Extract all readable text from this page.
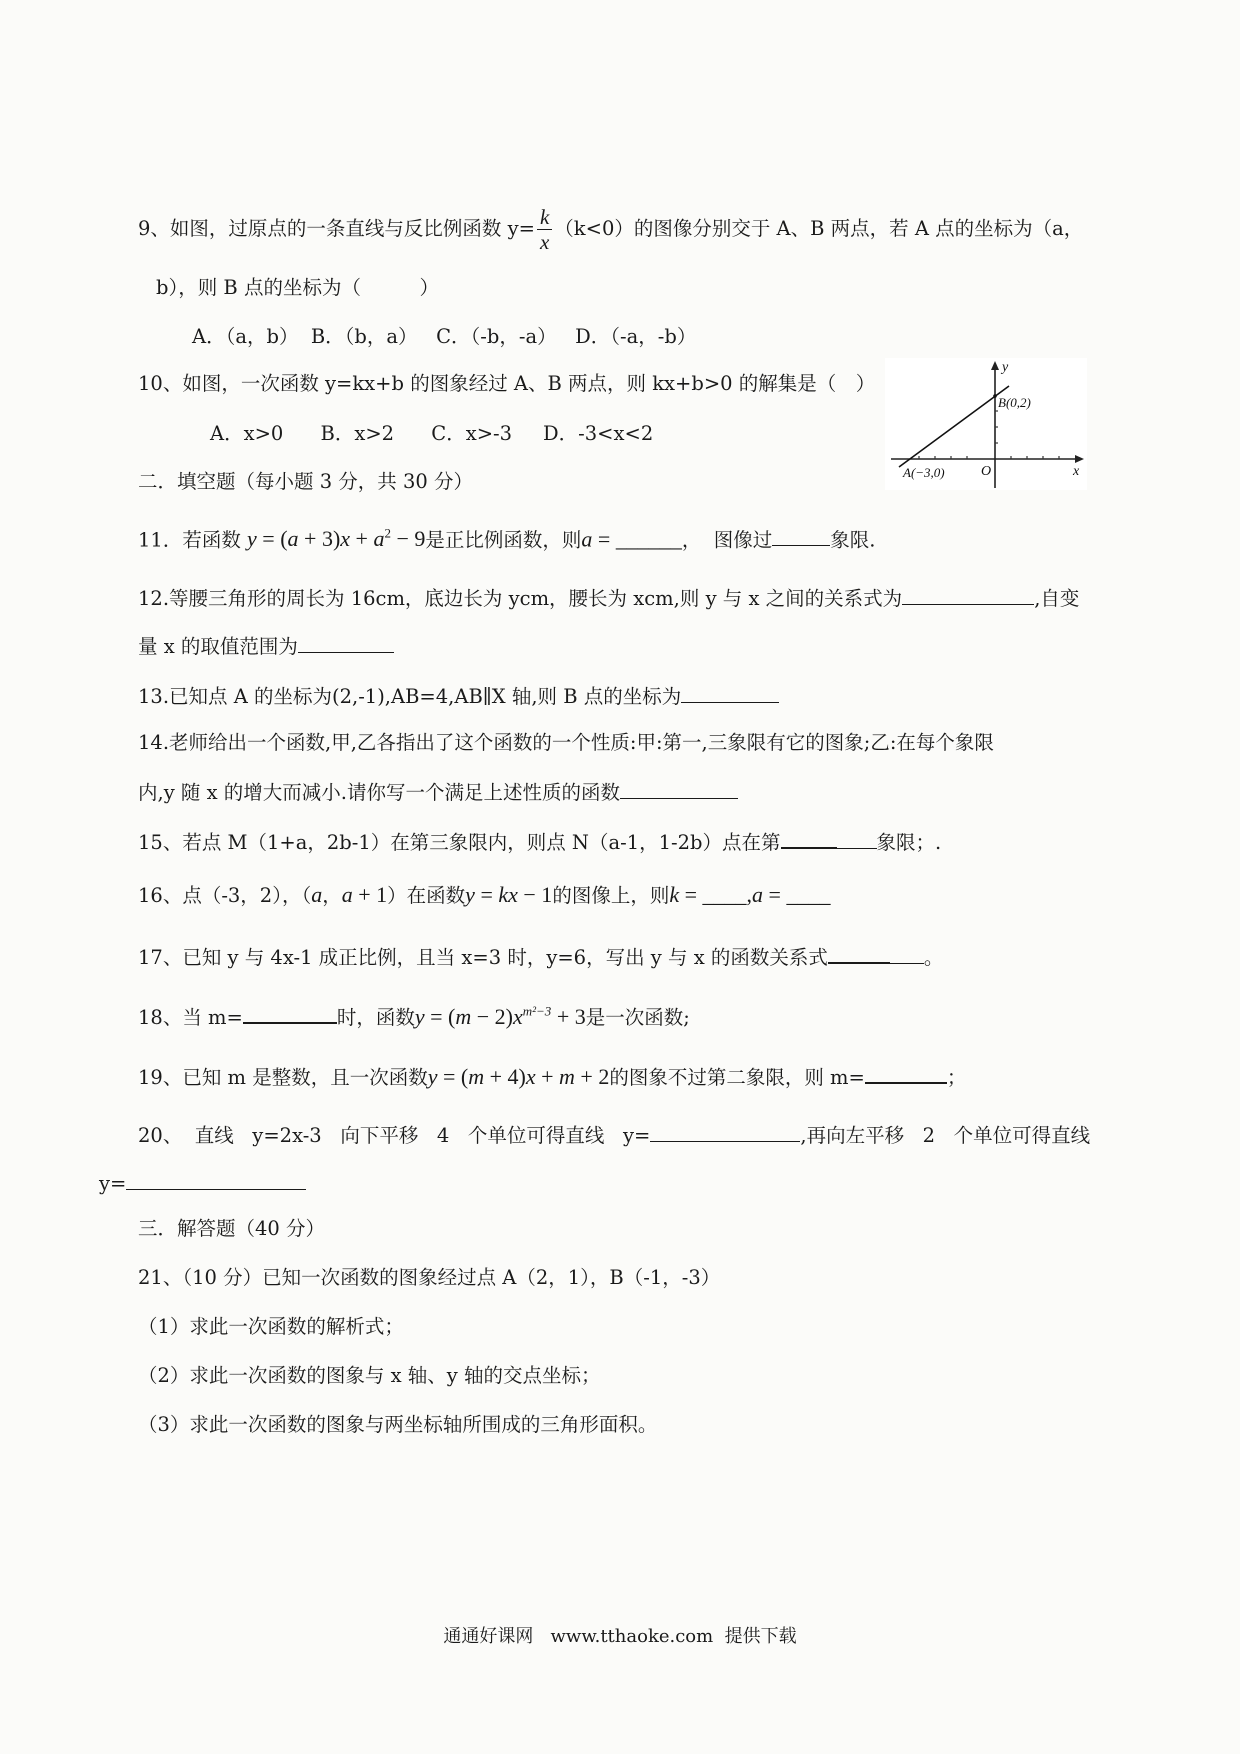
9、如图，过原点的一条直线与反比例函数 $y= \frac{k}{x} (k<0)$的图像分别交于 A、B 两点，若 A 点的坐标为（a，
b），则 B 点的坐标为（　　　）
A．（a，b）  B．（b，a）   C．（-b，-a）   D．（-a，-b）
10、如图，一次函数 y=kx+b 的图象经过 A、B 两点，则 kx+b>0 的解集是（　）
A．x>0      B．x>2      C．x>-3     D．-3<x<2
y
x
O
B(0,2)
A(−3,0)
二．填空题（每小题 3 分，共 30 分）
11．若函数 $y = (a + 3)x + a^2 - 9$是正比例函数，则a = ______，  图像过	象限.
12.等腰三角形的周长为 16cm，底边长为 ycm，腰长为 xcm,则 y 与 x 之间的关系式为	,自变
量 x 的取值范围为
13.已知点 A 的坐标为(2,-1),AB=4,AB∥X 轴,则 B 点的坐标为
14.老师给出一个函数,甲,乙各指出了这个函数的一个性质:甲:第一,三象限有它的图象;乙:在每个象限
内,y 随 x 的增大而减小.请你写一个满足上述性质的函数
15、若点 M（1+a，2b-1）在第三象限内，则点 N（a-1，1-2b）点在第	象限；.
16、点（-3，2），（a，a + 1）在函数y = kx − 1的图像上，则k = ____,a = ____
17、已知 y 与 4x-1 成正比例，且当 x=3 时，y=6，写出 y 与 x 的函数关系式	。
18、当 m=	时，函数$y = (m - 2)x^{m^2-3} + 3$是一次函数;
19、已知 m 是整数，且一次函数y = (m + 4)x + m + 2的图象不过第二象限，则 m=	；
20、  直线   y=2x-3   向下平移   4   个单位可得直线   y=	,再向左平移   2   个单位可得直线
y=
三．解答题（40 分）
21、（10 分）已知一次函数的图象经过点 A（2，1），B（-1，-3）
（1）求此一次函数的解析式；
（2）求此一次函数的图象与 x 轴、y 轴的交点坐标；
（3）求此一次函数的图象与两坐标轴所围成的三角形面积。
通通好课网   www.tthaoke.com  提供下载
